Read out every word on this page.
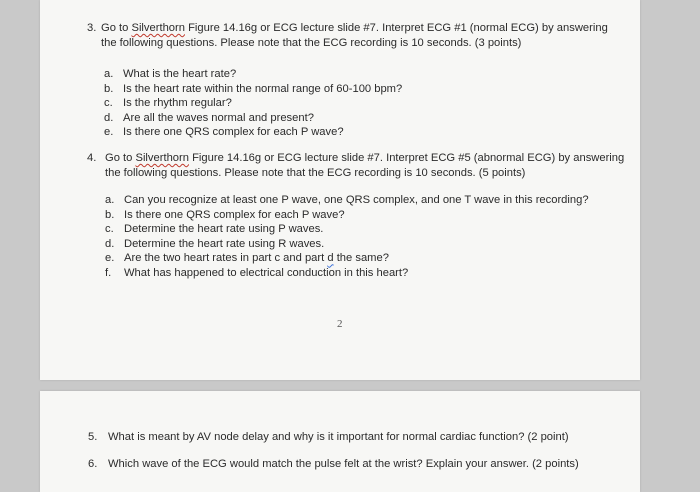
3. Go to Silverthorn Figure 14.16g or ECG lecture slide #7. Interpret ECG #1 (normal ECG) by answering the following questions. Please note that the ECG recording is 10 seconds. (3 points)
a. What is the heart rate?
b. Is the heart rate within the normal range of 60-100 bpm?
c. Is the rhythm regular?
d. Are all the waves normal and present?
e. Is there one QRS complex for each P wave?
4. Go to Silverthorn Figure 14.16g or ECG lecture slide #7. Interpret ECG #5 (abnormal ECG) by answering the following questions. Please note that the ECG recording is 10 seconds. (5 points)
a. Can you recognize at least one P wave, one QRS complex, and one T wave in this recording?
b. Is there one QRS complex for each P wave?
c. Determine the heart rate using P waves.
d. Determine the heart rate using R waves.
e. Are the two heart rates in part c and part d the same?
f. What has happened to electrical conduction in this heart?
2
5. What is meant by AV node delay and why is it important for normal cardiac function? (2 point)
6. Which wave of the ECG would match the pulse felt at the wrist? Explain your answer. (2 points)
